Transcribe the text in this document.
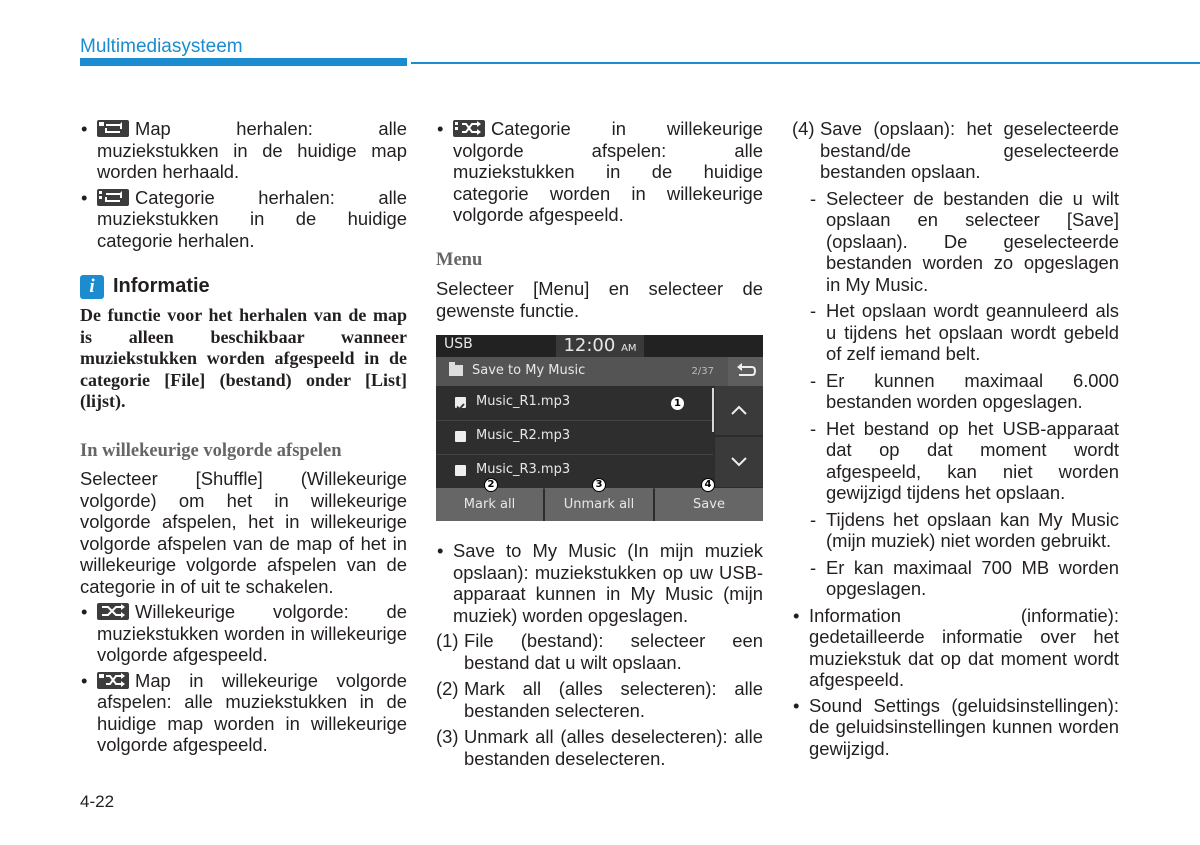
Multimediasysteem
• Map herhalen: alle muziekstukken in de huidige map worden herhaald.
• Categorie herhalen: alle muziekstukken in de huidige categorie herhalen.
i Informatie

De functie voor het herhalen van de map is alleen beschikbaar wanneer muziekstukken worden afgespeeld in de categorie [File] (bestand) onder [List] (lijst).

In willekeurige volgorde afspelen

Selecteer [Shuffle] (Willekeurige volgorde) om het in willekeurige volgorde afspelen, het in willekeurige volgorde afspelen van de map of het in willekeurige volgorde afspelen van de categorie in of uit te schakelen.

• Willekeurige volgorde: de muziekstukken worden in willekeurige volgorde afgespeeld.
• Map in willekeurige volgorde afspelen: alle muziekstukken in de huidige map worden in willekeurige volgorde afgespeeld.
• Categorie in willekeurige volgorde afspelen: alle muziekstukken in de huidige categorie worden in willekeurige volgorde afgespeeld.
Menu

Selecteer [Menu] en selecteer de gewenste functie.

USB	12:00 AM
Save to My Music	2/37
Music_R1.mp3	1
Music_R2.mp3
Music_R3.mp3
Mark all	Unmark all	Save
2	3	4
• Save to My Music (In mijn muziek opslaan): muziekstukken op uw USB-apparaat kunnen in My Music (mijn muziek) worden opgeslagen.
(1) File (bestand): selecteer een bestand dat u wilt opslaan.
(2) Mark all (alles selecteren): alle bestanden selecteren.
(3) Unmark all (alles deselecteren): alle bestanden deselecteren.
(4) Save (opslaan): het geselecteerde bestand/de geselecteerde bestanden opslaan.
- Selecteer de bestanden die u wilt opslaan en selecteer [Save] (opslaan). De geselecteerde bestanden worden zo opgeslagen in My Music.
- Het opslaan wordt geannuleerd als u tijdens het opslaan wordt gebeld of zelf iemand belt.
- Er kunnen maximaal 6.000 bestanden worden opgeslagen.
- Het bestand op het USB-apparaat dat op dat moment wordt afgespeeld, kan niet worden gewijzigd tijdens het opslaan.
- Tijdens het opslaan kan My Music (mijn muziek) niet worden gebruikt.
- Er kan maximaal 700 MB worden opgeslagen.
• Information (informatie): gedetailleerde informatie over het muziekstuk dat op dat moment wordt afgespeeld.
• Sound Settings (geluidsinstellingen): de geluidsinstellingen kunnen worden gewijzigd.
4-22
